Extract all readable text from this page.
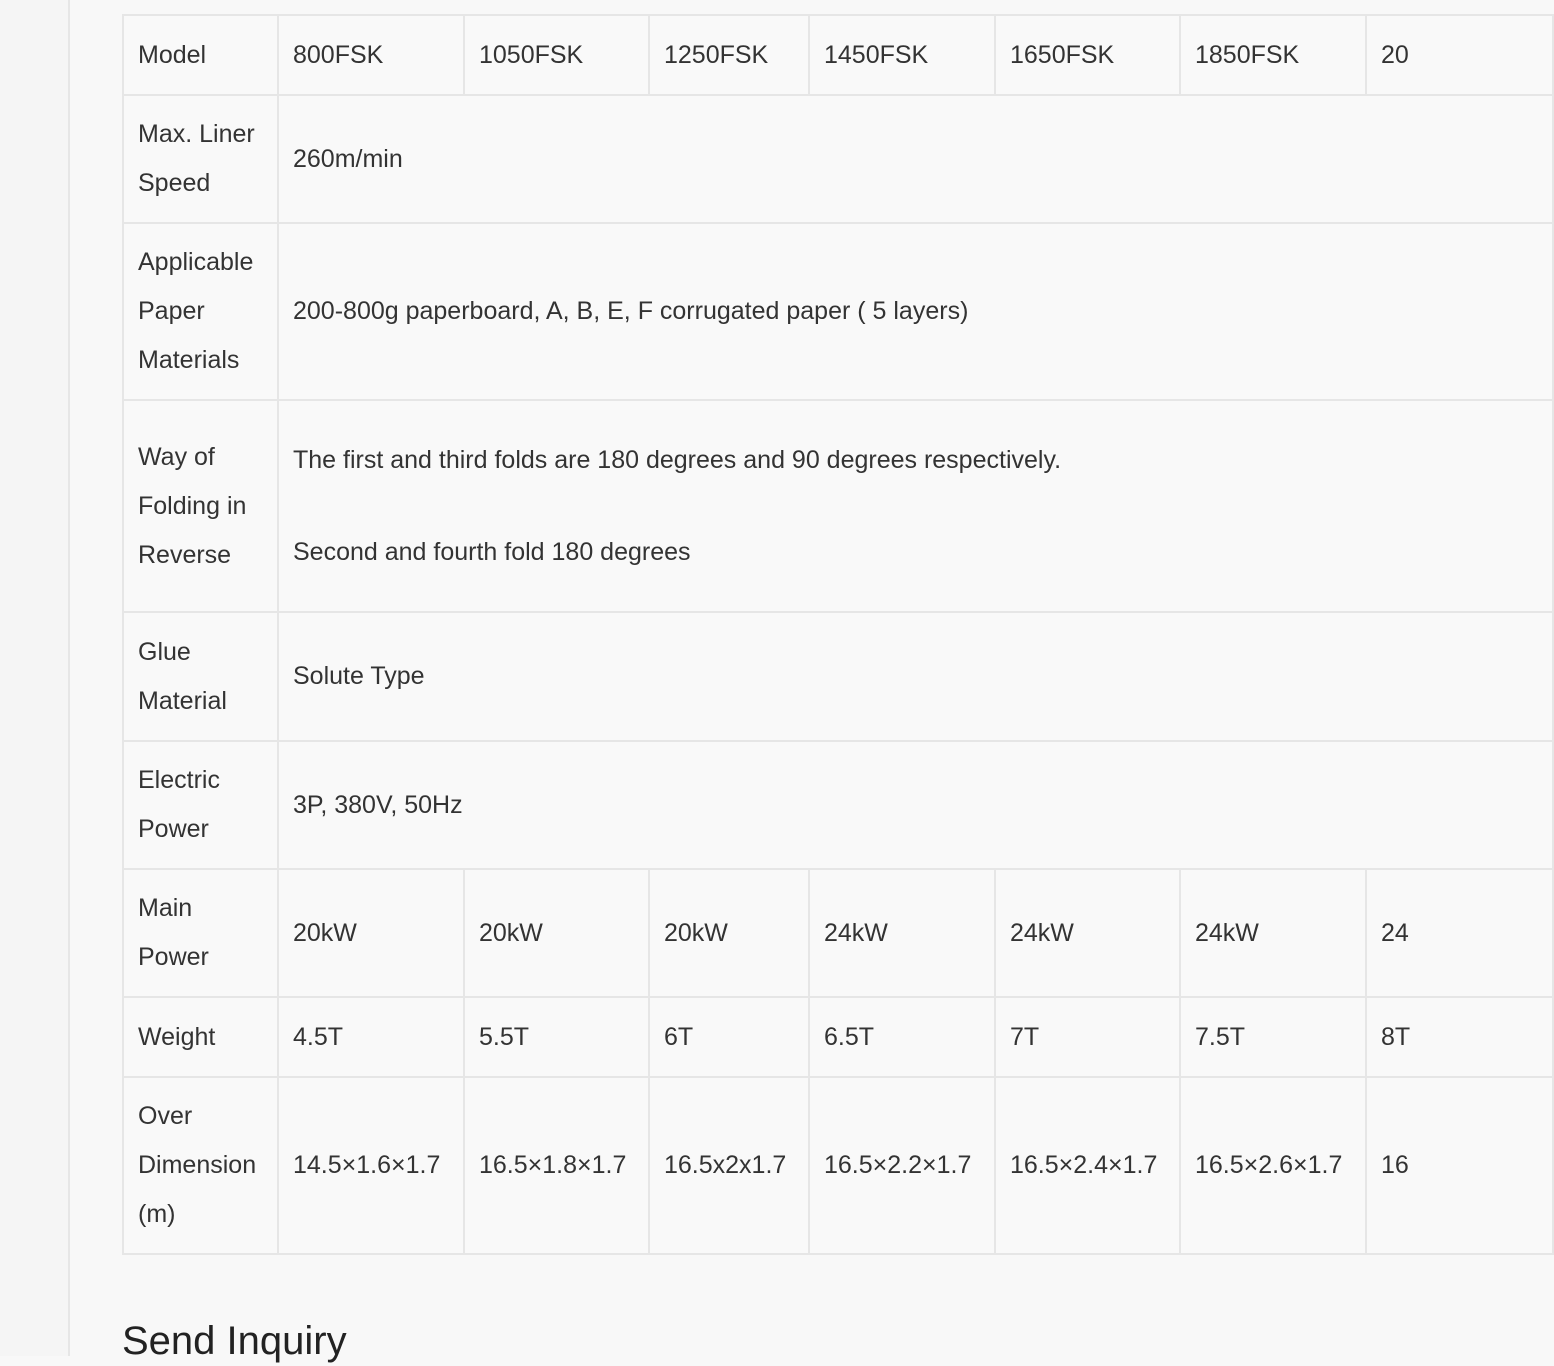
Model	800FSK	1050FSK	1250FSK	1450FSK	1650FSK	1850FSK	20
Max. Liner Speed	260m/min						
Applicable Paper Materials	200-800g paperboard, A, B, E, F corrugated paper ( 5 layers)						
Way of Folding in Reverse	The first and third folds are 180 degrees and 90 degrees respectively.
Second and fourth fold 180 degrees						

Glue Material	Solute Type						
Electric Power	3P, 380V, 50Hz						
Main Power	20kW	20kW	20kW	24kW	24kW	24kW	24
Weight	4.5T	5.5T	6T	6.5T	7T	7.5T	8T
Over Dimension (m)	14.5×1.6×1.7	16.5×1.8×1.7	16.5x2x1.7	16.5×2.2×1.7	16.5×2.4×1.7	16.5×2.6×1.7	16
Send Inquiry
